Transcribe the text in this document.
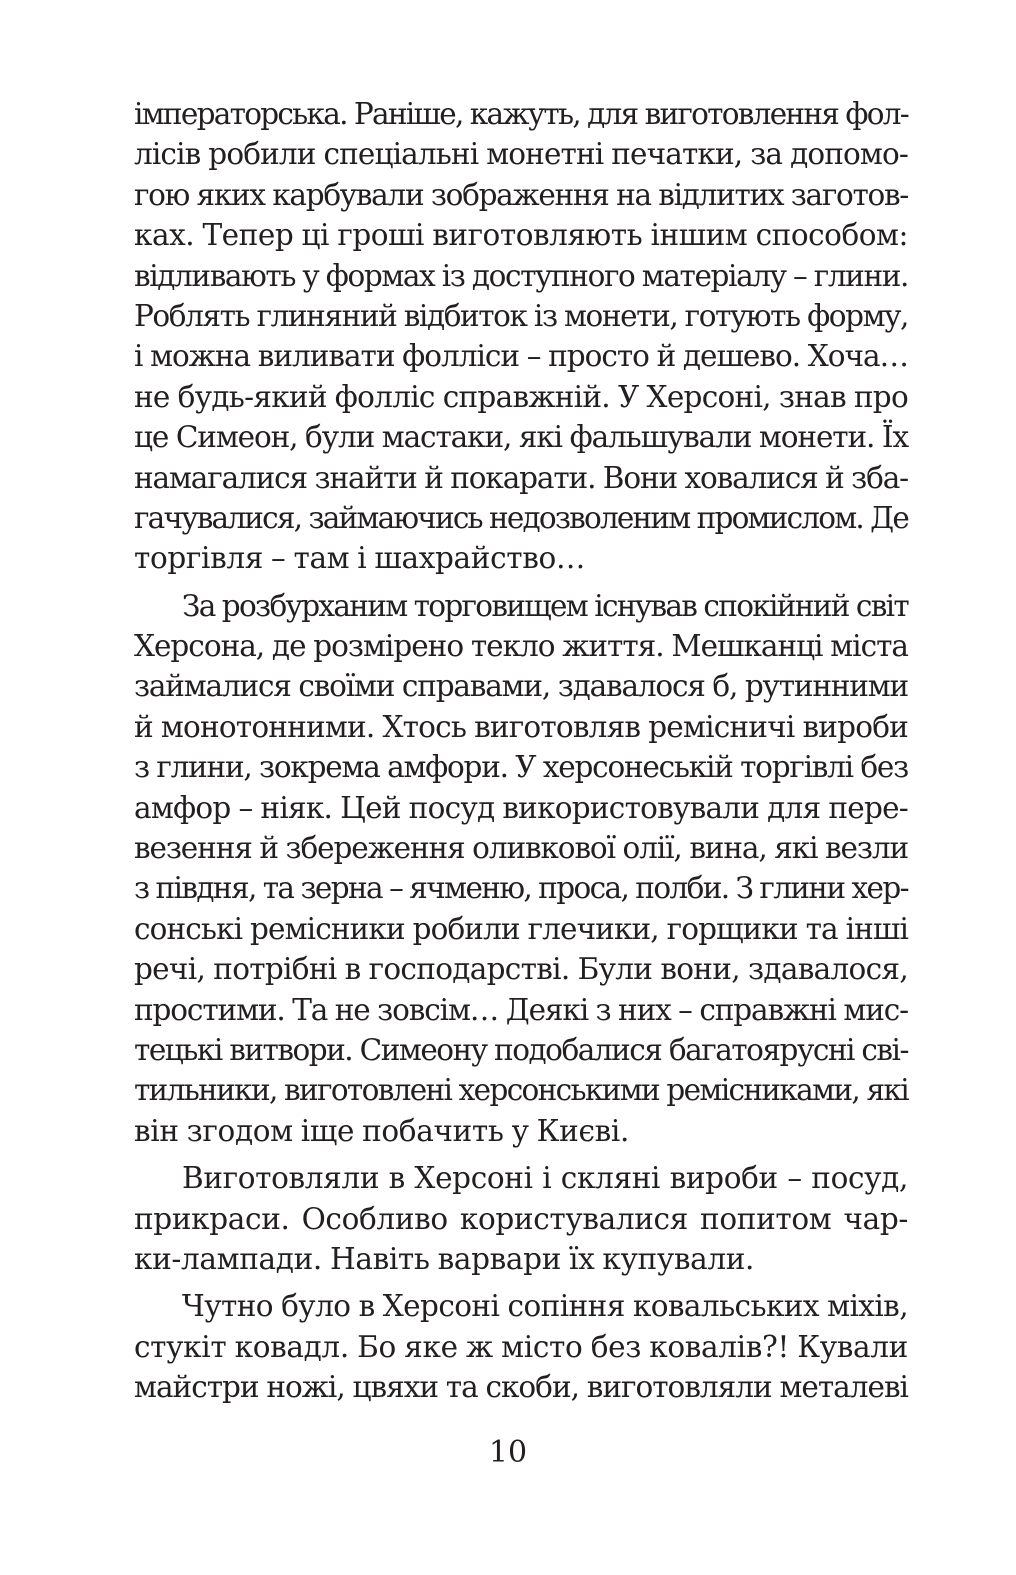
імператорська. Раніше, кажуть, для виготовлення фол-
лісів робили спеціальні монетні печатки, за допомо-
гою яких карбували зображення на відлитих заготов-
ках. Тепер ці гроші виготовляють іншим способом:
відливають у формах із доступного матеріалу – глини.
Роблять глиняний відбиток із монети, готують форму,
і можна виливати фолліси – просто й дешево. Хоча…
не будь-який фолліс справжній. У Херсоні, знав про
це Симеон, були мастаки, які фальшували монети. Їх
намагалися знайти й покарати. Вони ховалися й зба-
гачувалися, займаючись недозволеним промислом. Де
торгівля – там і шахрайство…
За розбурханим торговищем існував спокійний світ
Херсона, де розмірено текло життя. Мешканці міста
займалися своїми справами, здавалося б, рутинними
й монотонними. Хтось виготовляв ремісничі вироби
з глини, зокрема амфори. У херсонеській торгівлі без
амфор – ніяк. Цей посуд використовували для пере-
везення й збереження оливкової олії, вина, які везли
з півдня, та зерна – ячменю, проса, полби. З глини хер-
сонські ремісники робили глечики, горщики та інші
речі, потрібні в господарстві. Були вони, здавалося,
простими. Та не зовсім… Деякі з них – справжні мис-
тецькі витвори. Симеону подобалися багатоярусні сві-
тильники, виготовлені херсонськими ремісниками, які
він згодом іще побачить у Києві.
Виготовляли в Херсоні і скляні вироби – посуд,
прикраси. Особливо користувалися попитом чар-
ки-лампади. Навіть варвари їх купували.
Чутно було в Херсоні сопіння ковальських міхів,
стукіт ковадл. Бо яке ж місто без ковалів?! Кували
майстри ножі, цвяхи та скоби, виготовляли металеві
10
